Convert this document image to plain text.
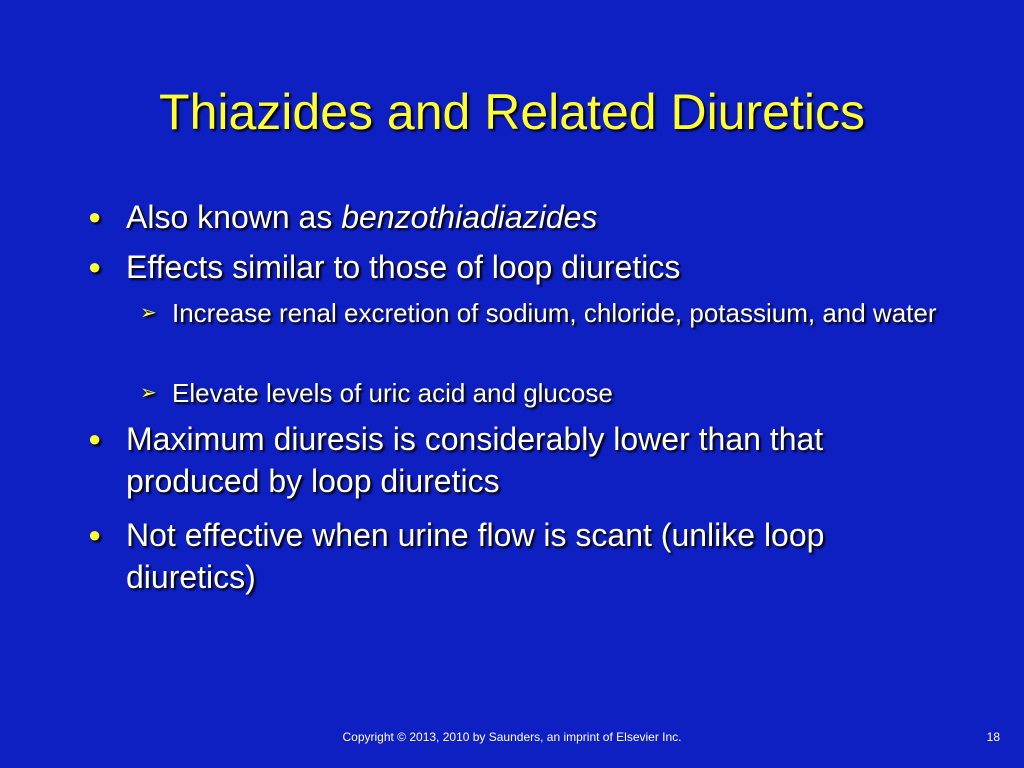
Thiazides and Related Diuretics
● Also known as benzothiadiazides
● Effects similar to those of loop diuretics
➢ Increase renal excretion of sodium, chloride, potassium, and water
➢ Elevate levels of uric acid and glucose
● Maximum diuresis is considerably lower than that produced by loop diuretics
● Not effective when urine flow is scant (unlike loop diuretics)
Copyright © 2013, 2010 by Saunders, an imprint of Elsevier Inc.	18
